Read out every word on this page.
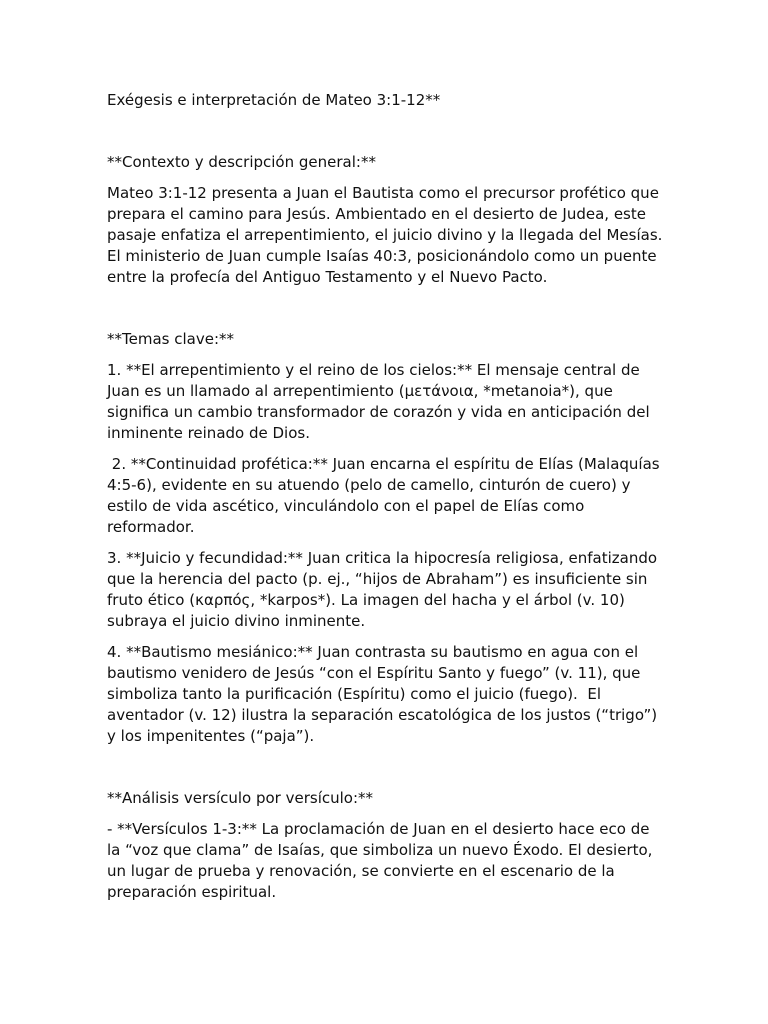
Exégesis e interpretación de Mateo 3:1-12**

**Contexto y descripción general:**

Mateo 3:1-12 presenta a Juan el Bautista como el precursor profético que prepara el camino para Jesús. Ambientado en el desierto de Judea, este pasaje enfatiza el arrepentimiento, el juicio divino y la llegada del Mesías. El ministerio de Juan cumple Isaías 40:3, posicionándolo como un puente entre la profecía del Antiguo Testamento y el Nuevo Pacto.

**Temas clave:**

1. **El arrepentimiento y el reino de los cielos:** El mensaje central de Juan es un llamado al arrepentimiento (μετάνοια, *metanoia*), que significa un cambio transformador de corazón y vida en anticipación del inminente reinado de Dios.

2. **Continuidad profética:** Juan encarna el espíritu de Elías (Malaquías 4:5-6), evidente en su atuendo (pelo de camello, cinturón de cuero) y estilo de vida ascético, vinculándolo con el papel de Elías como reformador.

3. **Juicio y fecundidad:** Juan critica la hipocresía religiosa, enfatizando que la herencia del pacto (p. ej., “hijos de Abraham”) es insuficiente sin fruto ético (καρπός, *karpos*). La imagen del hacha y el árbol (v. 10) subraya el juicio divino inminente.

4. **Bautismo mesiánico:** Juan contrasta su bautismo en agua con el bautismo venidero de Jesús “con el Espíritu Santo y fuego” (v. 11), que simboliza tanto la purificación (Espíritu) como el juicio (fuego).  El aventador (v. 12) ilustra la separación escatológica de los justos (“trigo”) y los impenitentes (“paja”).

**Análisis versículo por versículo:**

- **Versículos 1-3:** La proclamación de Juan en el desierto hace eco de la “voz que clama” de Isaías, que simboliza un nuevo Éxodo. El desierto, un lugar de prueba y renovación, se convierte en el escenario de la preparación espiritual.
